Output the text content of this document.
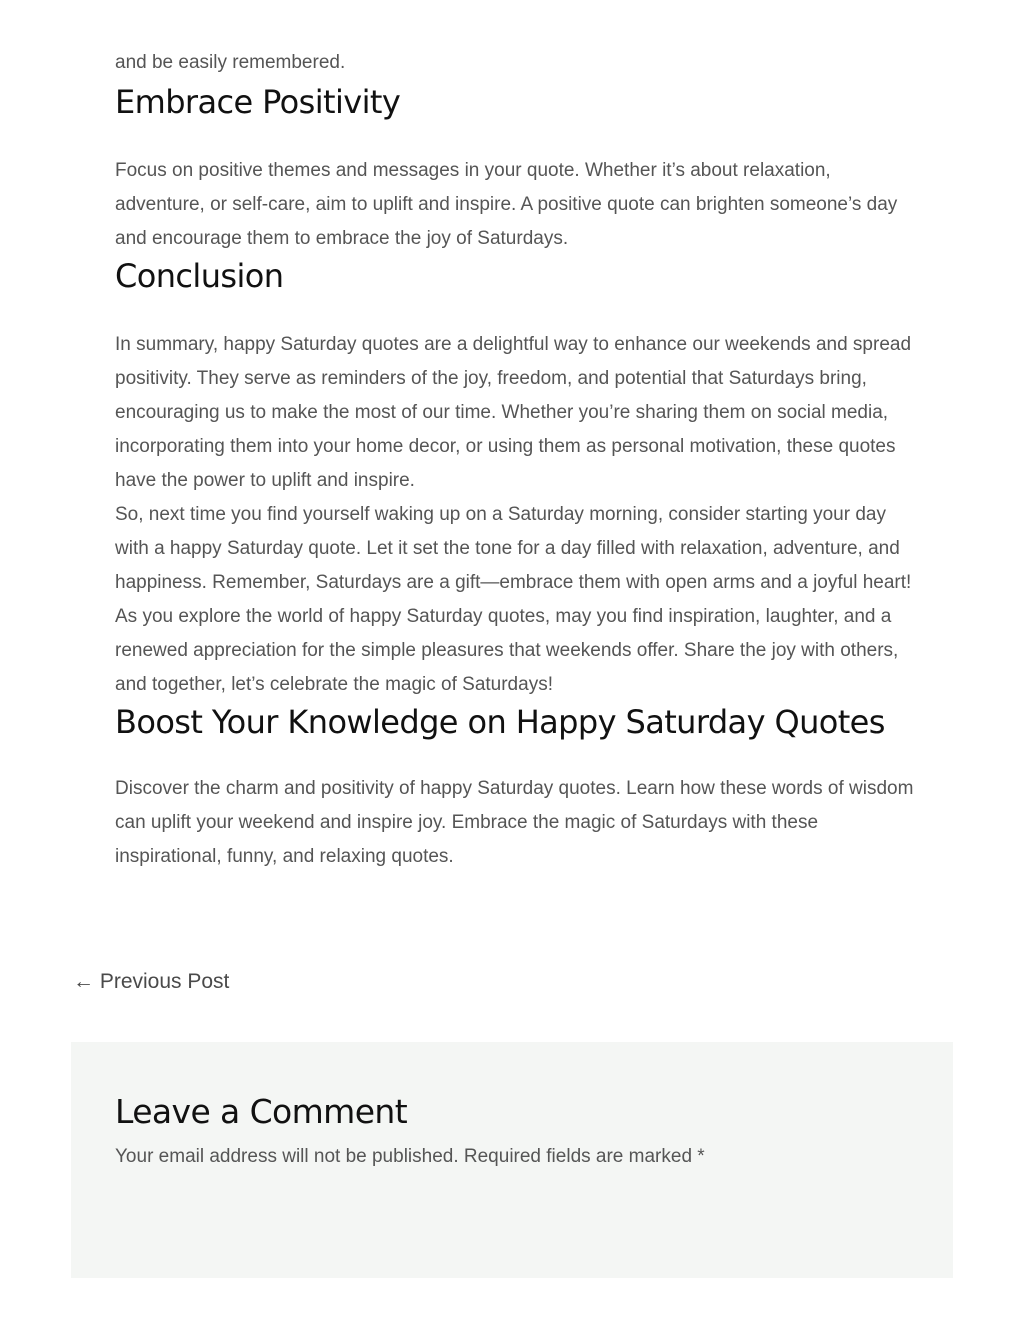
and be easily remembered.

Embrace Positivity

Focus on positive themes and messages in your quote. Whether it’s about relaxation, adventure, or self-care, aim to uplift and inspire. A positive quote can brighten someone’s day and encourage them to embrace the joy of Saturdays.

Conclusion

In summary, happy Saturday quotes are a delightful way to enhance our weekends and spread positivity. They serve as reminders of the joy, freedom, and potential that Saturdays bring, encouraging us to make the most of our time. Whether you’re sharing them on social media, incorporating them into your home decor, or using them as personal motivation, these quotes have the power to uplift and inspire.

So, next time you find yourself waking up on a Saturday morning, consider starting your day with a happy Saturday quote. Let it set the tone for a day filled with relaxation, adventure, and happiness. Remember, Saturdays are a gift—embrace them with open arms and a joyful heart!

As you explore the world of happy Saturday quotes, may you find inspiration, laughter, and a renewed appreciation for the simple pleasures that weekends offer. Share the joy with others, and together, let’s celebrate the magic of Saturdays!

Boost Your Knowledge on Happy Saturday Quotes

Discover the charm and positivity of happy Saturday quotes. Learn how these words of wisdom can uplift your weekend and inspire joy. Embrace the magic of Saturdays with these inspirational, funny, and relaxing quotes.

← Previous Post
Leave a Comment

Your email address will not be published. Required fields are marked *
